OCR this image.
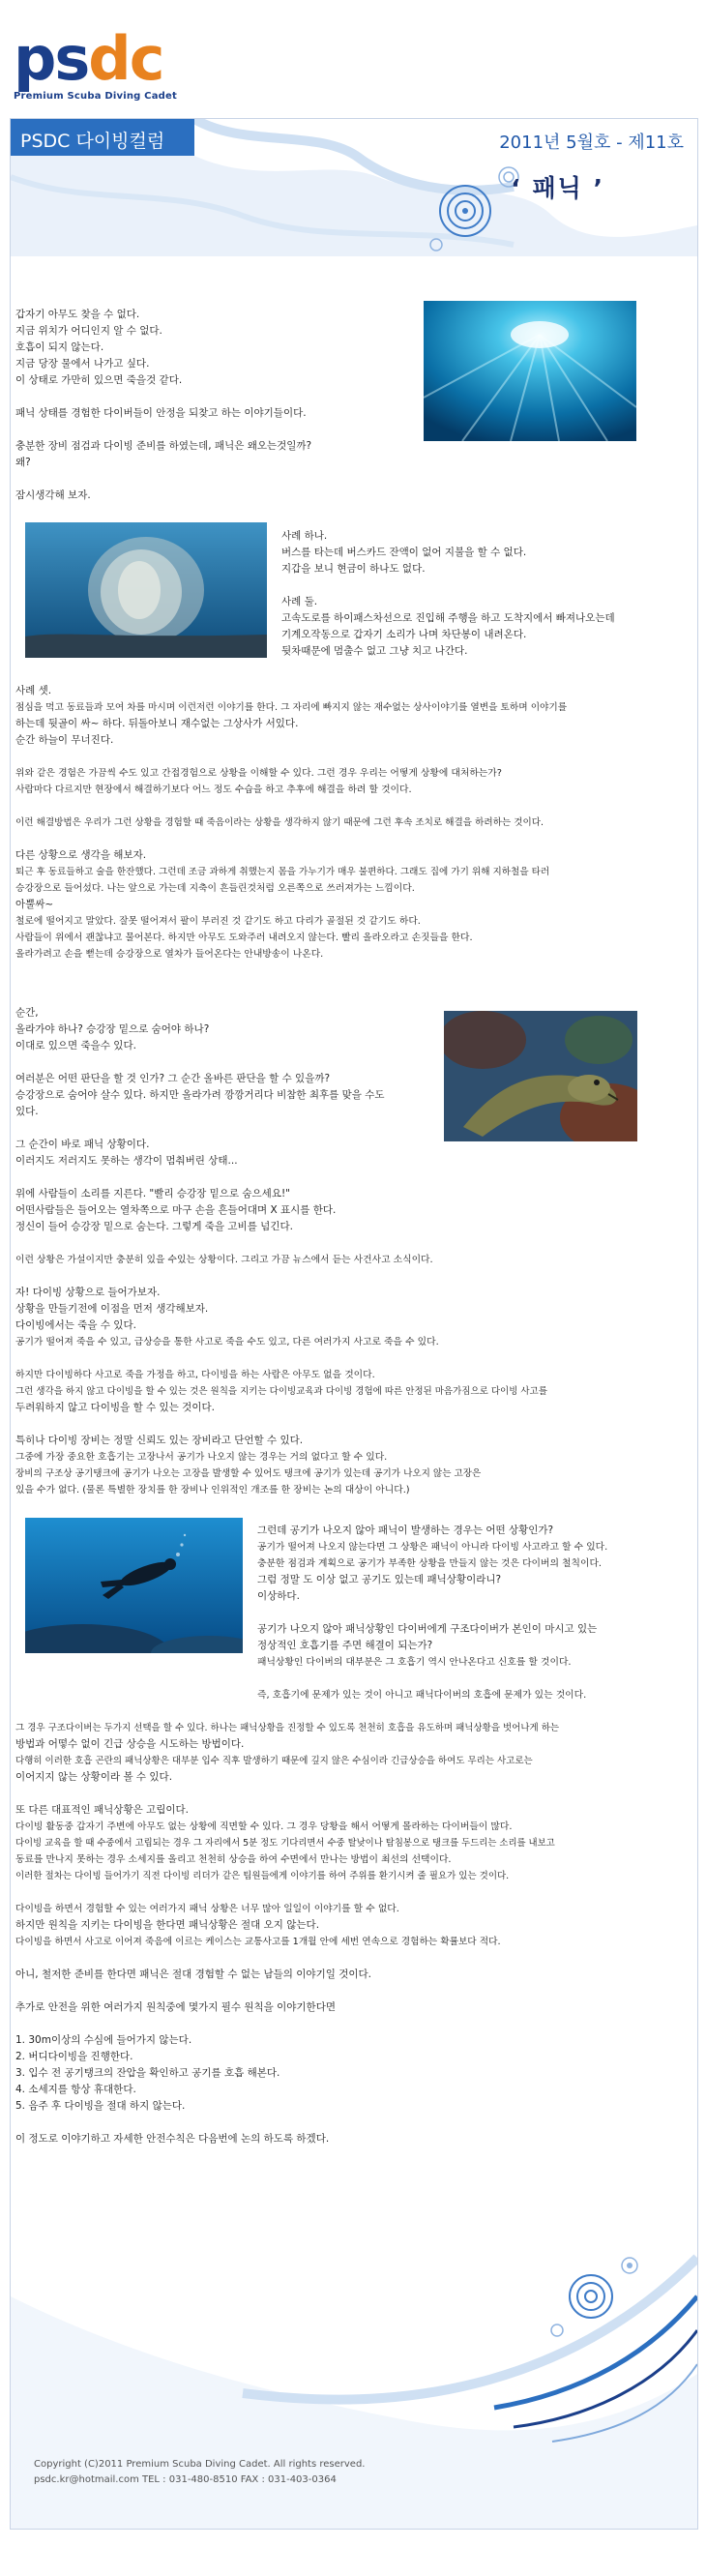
psdc
Premium Scuba Diving Cadet
PSDC 다이빙컬럼	2011년 5월호 - 제11호
‘ 패닉 ’
갑자기 아무도 찾을 수 없다.
지금 위치가 어디인지 알 수 없다.
호흡이 되지 않는다.
지금 당장 물에서 나가고 싶다.
이 상태로 가만히 있으면 죽을것 같다.
패닉 상태를 경험한 다이버들이 안정을 되찾고 하는 이야기들이다.
충분한 장비 점검과 다이빙 준비를 하였는데, 패닉은 왜오는것일까?
왜?
잠시생각해 보자.
사례 하나.
버스를 타는데 버스카드 잔액이 없어 지불을 할 수 없다.
지갑을 보니 현금이 하나도 없다.
사례 둘.
고속도로를 하이패스차선으로 진입해 주행을 하고 도착지에서 빠져나오는데
기계오작동으로 갑자기 소리가 나며 차단봉이 내려온다.
뒷차때문에 멈출수 없고 그냥 치고 나간다.
사례 셋.
점심을 먹고 동료들과 모여 차를 마시며 이런저런 이야기를 한다. 그 자리에 빠지지 않는 재수없는 상사이야기를 열변을 토하며 이야기를
하는데 뒷골이 싸~ 하다. 뒤돌아보니 재수없는 그상사가 서있다.
순간 하늘이 무너진다.
위와 같은 경험은 가끔씩 수도 있고 간접경험으로 상황을 이해할 수 있다. 그런 경우 우리는 어떻게 상황에 대처하는가?
사람마다 다르지만 현장에서 해결하기보다 어느 정도 수습을 하고 추후에 해결을 하려 할 것이다.
이런 해결방법은 우리가 그런 상황을 경험할 때 죽음이라는 상황을 생각하지 않기 때문에 그런 후속 조치로 해결을 하려하는 것이다.
다른 상황으로 생각을 해보자.
퇴근 후 동료들하고 술을 한잔했다. 그런데 조금 과하게 취했는지 몸을 가누기가 매우 불편하다. 그래도 집에 가기 위해 지하철을 타러
승강장으로 들어섰다. 나는 앞으로 가는데 지축이 흔들린것처럼 오른쪽으로 쓰러져가는 느낌이다.
아뿔싸~
철로에 떨어지고 말았다. 잘못 떨어져서 팔이 부러진 것 같기도 하고 다리가 골절된 것 같기도 하다.
사람들이 위에서 괜찮냐고 물어본다. 하지만 아무도 도와주러 내려오지 않는다. 빨리 올라오라고 손짓들을 한다.
올라가려고 손을 뻗는데 승강장으로 열차가 들어온다는 안내방송이 나온다.
순간,
올라가야 하나? 승강장 밑으로 숨어야 하나?
이대로 있으면 죽을수 있다.
여러분은 어떤 판단을 할 것 인가? 그 순간 올바른 판단을 할 수 있을까?
승강장으로 숨어야 살수 있다. 하지만 올라가려 깡깡거리다 비참한 최후를 맞을 수도
있다.
그 순간이 바로 패닉 상황이다.
이러지도 저러지도 못하는 생각이 멈춰버린 상태...
위에 사람들이 소리를 지른다. "빨리 승강장 밑으로 숨으세요!"
어떤사람들은 들어오는 열차쪽으로 마구 손을 흔들어대며 X 표시를 한다.
정신이 들어 승강장 밑으로 숨는다. 그렇게 죽을 고비를 넘긴다.
이런 상황은 가설이지만 충분히 있을 수있는 상황이다. 그리고 가끔 뉴스에서 듣는 사건사고 소식이다.
자! 다이빙 상황으로 들어가보자.
상황을 만들기전에 이점을 먼저 생각해보자.
다이빙에서는 죽을 수 있다.
공기가 떨어져 죽을 수 있고, 급상승을 통한 사고로 죽을 수도 있고, 다른 여러가지 사고로 죽을 수 있다.
하지만 다이빙하다 사고로 죽을 가정을 하고, 다이빙을 하는 사람은 아무도 없을 것이다.
그런 생각을 하지 않고 다이빙을 할 수 있는 것은 원칙을 지키는 다이빙교육과 다이빙 경험에 따른 안정된 마음가짐으로 다이빙 사고를
두려워하지 않고 다이빙을 할 수 있는 것이다.
특히나 다이빙 장비는 정말 신뢰도 있는 장비라고 단언할 수 있다.
그중에 가장 중요한 호흡기는 고장나서 공기가 나오지 않는 경우는 거의 없다고 할 수 있다.
장비의 구조상 공기탱크에 공기가 나오는 고장을 발생할 수 있어도 탱크에 공기가 있는데 공기가 나오지 않는 고장은
있을 수가 없다. (물론 특별한 장치를 한 장비나 인위적인 개조를 한 장비는 논의 대상이 아니다.)
그런데 공기가 나오지 않아 패닉이 발생하는 경우는 어떤 상황인가?
공기가 떨어져 나오지 않는다면 그 상황은 패닉이 아니라 다이빙 사고라고 할 수 있다.
충분한 점검과 계획으로 공기가 부족한 상황을 만들지 않는 것은 다이버의 철칙이다.
그럼 정말 도 이상 없고 공기도 있는데 패닉상황이라니?
이상하다.
공기가 나오지 않아 패닉상황인 다이버에게 구조다이버가 본인이 마시고 있는
정상적인 호흡기를 주면 해결이 되는가?
패닉상황인 다이버의 대부분은 그 호흡기 역시 안나온다고 신호를 할 것이다.
즉, 호흡기에 문제가 있는 것이 아니고 패닉다이버의 호흡에 문제가 있는 것이다.
그 경우 구조다이버는 두가지 선택을 할 수 있다. 하나는 패닉상황을 진정할 수 있도록 천천히 호흡을 유도하며 패닉상황을 벗어나게 하는
방법과 어떻수 없이 긴급 상승을 시도하는 방법이다.
다행히 이러한 호흡 곤란의 패닉상황은 대부분 입수 직후 발생하기 때문에 깊지 않은 수심이라 긴급상승을 하여도 무리는 사고로는
이어지지 않는 상황이라 볼 수 있다.
또 다른 대표적인 패닉상황은 고립이다.
다이빙 활동중 갑자기 주변에 아무도 없는 상황에 직면할 수 있다. 그 경우 당황을 해서 어떻게 몰라하는 다이버들이 많다.
다이빙 교육을 할 때 수중에서 고립되는 경우 그 자리에서 5분 정도 기다리면서 수중 탈낮이나 탐침봉으로 탱크를 두드리는 소리를 내보고
동료를 만나지 못하는 경우 소세지를 올리고 천천히 상승을 하여 수면에서 만나는 방법이 최선의 선택이다.
이러한 절차는 다이빙 들어가기 직전 다이빙 리더가 같은 팀원들에게 이야기를 하여 주위를 환기시켜 줄 필요가 있는 것이다.
다이빙을 하면서 경험할 수 있는 여러가지 패닉 상황은 너무 많아 일일이 이야기를 할 수 없다.
하지만 원칙을 지키는 다이빙을 한다면 패닉상황은 절대 오지 않는다.
다이빙을 하면서 사고로 이어져 죽음에 이르는 케이스는 교통사고를 1개월 안에 세번 연속으로 경험하는 확률보다 적다.
아니, 철저한 준비를 한다면 패닉은 절대 경험할 수 없는 남들의 이야기일 것이다.
추가로 안전을 위한 여러가지 원칙중에 몇가지 필수 원칙을 이야기한다면
1. 30m이상의 수심에 들어가지 않는다.
2. 버디다이빙을 진행한다.
3. 입수 전 공기탱크의 잔압을 확인하고 공기를 호흡 해본다.
4. 소세지를 항상 휴대한다.
5. 음주 후 다이빙을 절대 하지 않는다.
이 정도로 이야기하고 자세한 안전수칙은 다음번에 논의 하도록 하겠다.
Copyright (C)2011 Premium Scuba Diving Cadet. All rights reserved.
psdc.kr@hotmail.com TEL : 031-480-8510 FAX : 031-403-0364
